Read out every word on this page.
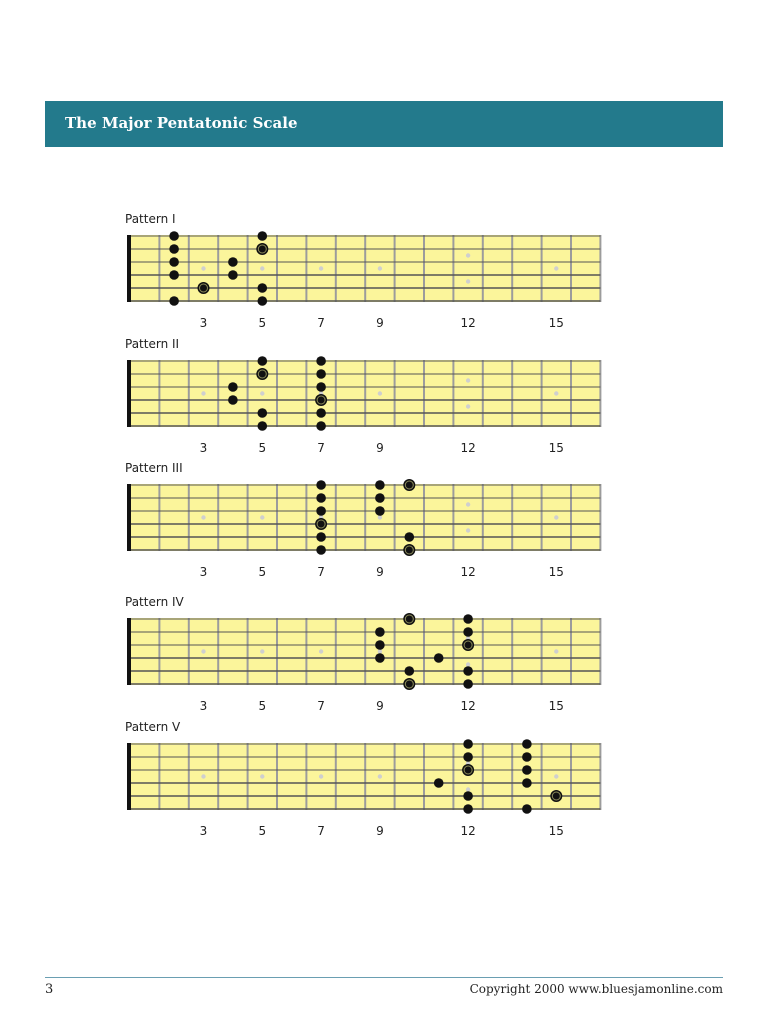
The Major Pentatonic Scale
Pattern I
3	5	7	9	12	15
Pattern II
3	5	7	9	12	15
Pattern III
3	5	7	9	12	15
Pattern IV
3	5	7	9	12	15
Pattern V
3	5	7	9	12	15
3	Copyright 2000 www.bluesjamonline.com
